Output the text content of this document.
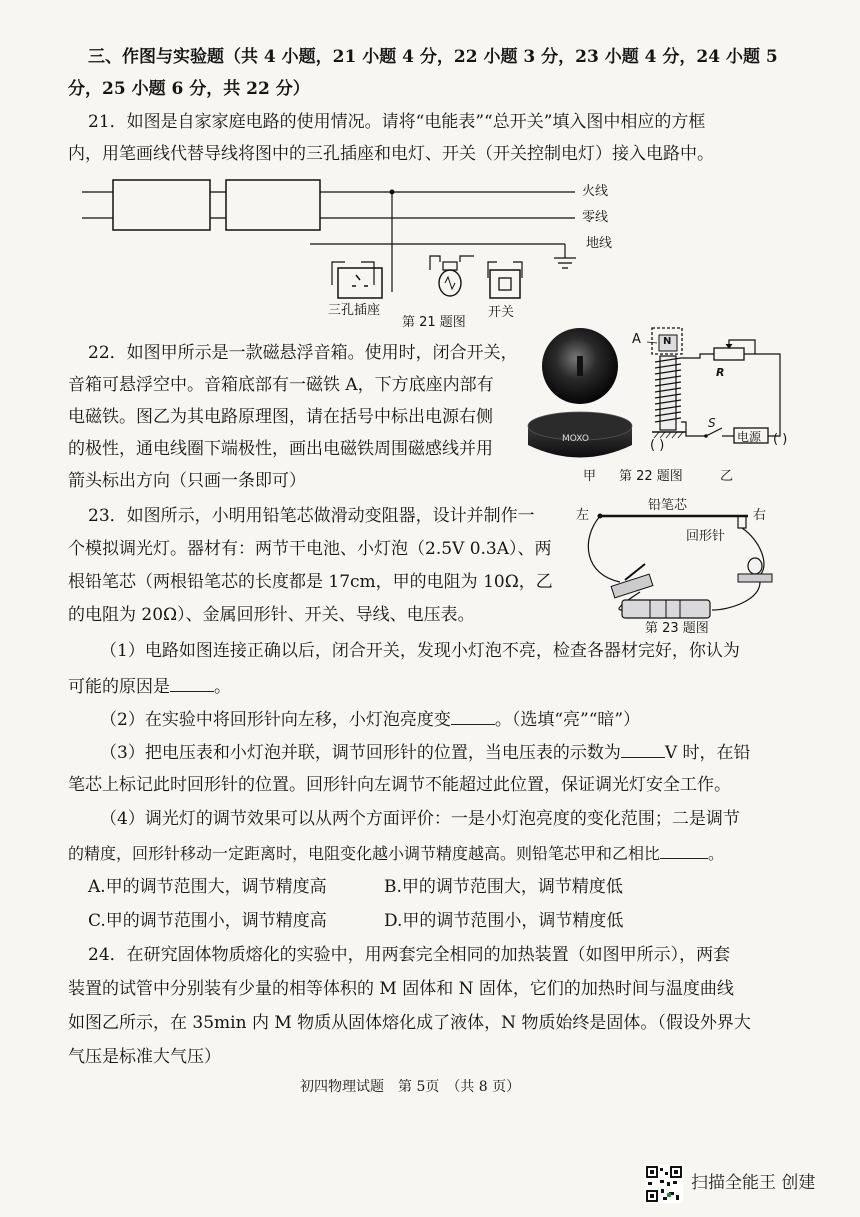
三、作图与实验题（共 4 小题，21 小题 4 分，22 小题 3 分，23 小题 4 分，24 小题 5
分，25 小题 6 分，共 22 分）
21．如图是自家家庭电路的使用情况。请将“电能表”“总开关”填入图中相应的方框
内，用笔画线代替导线将图中的三孔插座和电灯、开关（开关控制电灯）接入电路中。
火线
零线
地线
三孔插座	开关
第 21 题图
22．如图甲所示是一款磁悬浮音箱。使用时，闭合开关，
音箱可悬浮空中。音箱底部有一磁铁 A，下方底座内部有
电磁铁。图乙为其电路原理图，请在括号中标出电源右侧
的极性，通电线圈下端极性，画出电磁铁周围磁感线并用
箭头标出方向（只画一条即可）
MOXO
A N
R
S
电源 ( )
( )
甲 第 22 题图	乙
23．如图所示，小明用铅笔芯做滑动变阻器，设计并制作一
个模拟调光灯。器材有：两节干电池、小灯泡（2.5V 0.3A）、两
根铅笔芯（两根铅笔芯的长度都是 17cm，甲的电阻为 10Ω，乙
的电阻为 20Ω）、金属回形针、开关、导线、电压表。
左	右
铅笔芯
回形针
第 23 题图
（1）电路如图连接正确以后，闭合开关，发现小灯泡不亮，检查各器材完好，你认为
可能的原因是	。
（2）在实验中将回形针向左移，小灯泡亮度变	。（选填“亮”“暗”）
（3）把电压表和小灯泡并联，调节回形针的位置，当电压表的示数为	V 时，在铅
笔芯上标记此时回形针的位置。回形针向左调节不能超过此位置，保证调光灯安全工作。
（4）调光灯的调节效果可以从两个方面评价：一是小灯泡亮度的变化范围；二是调节
的精度，回形针移动一定距离时，电阻变化越小调节精度越高。则铅笔芯甲和乙相比	。
A.甲的调节范围大，调节精度高	B.甲的调节范围大，调节精度低
C.甲的调节范围小，调节精度高	D.甲的调节范围小，调节精度低
24．在研究固体物质熔化的实验中，用两套完全相同的加热装置（如图甲所示），两套
装置的试管中分别装有少量的相等体积的 M 固体和 N 固体，它们的加热时间与温度曲线
如图乙所示，在 35min 内 M 物质从固体熔化成了液体，N 物质始终是固体。（假设外界大
气压是标准大气压）
初四物理试题　第 5页　（共 8 页）
扫描全能王 创建
